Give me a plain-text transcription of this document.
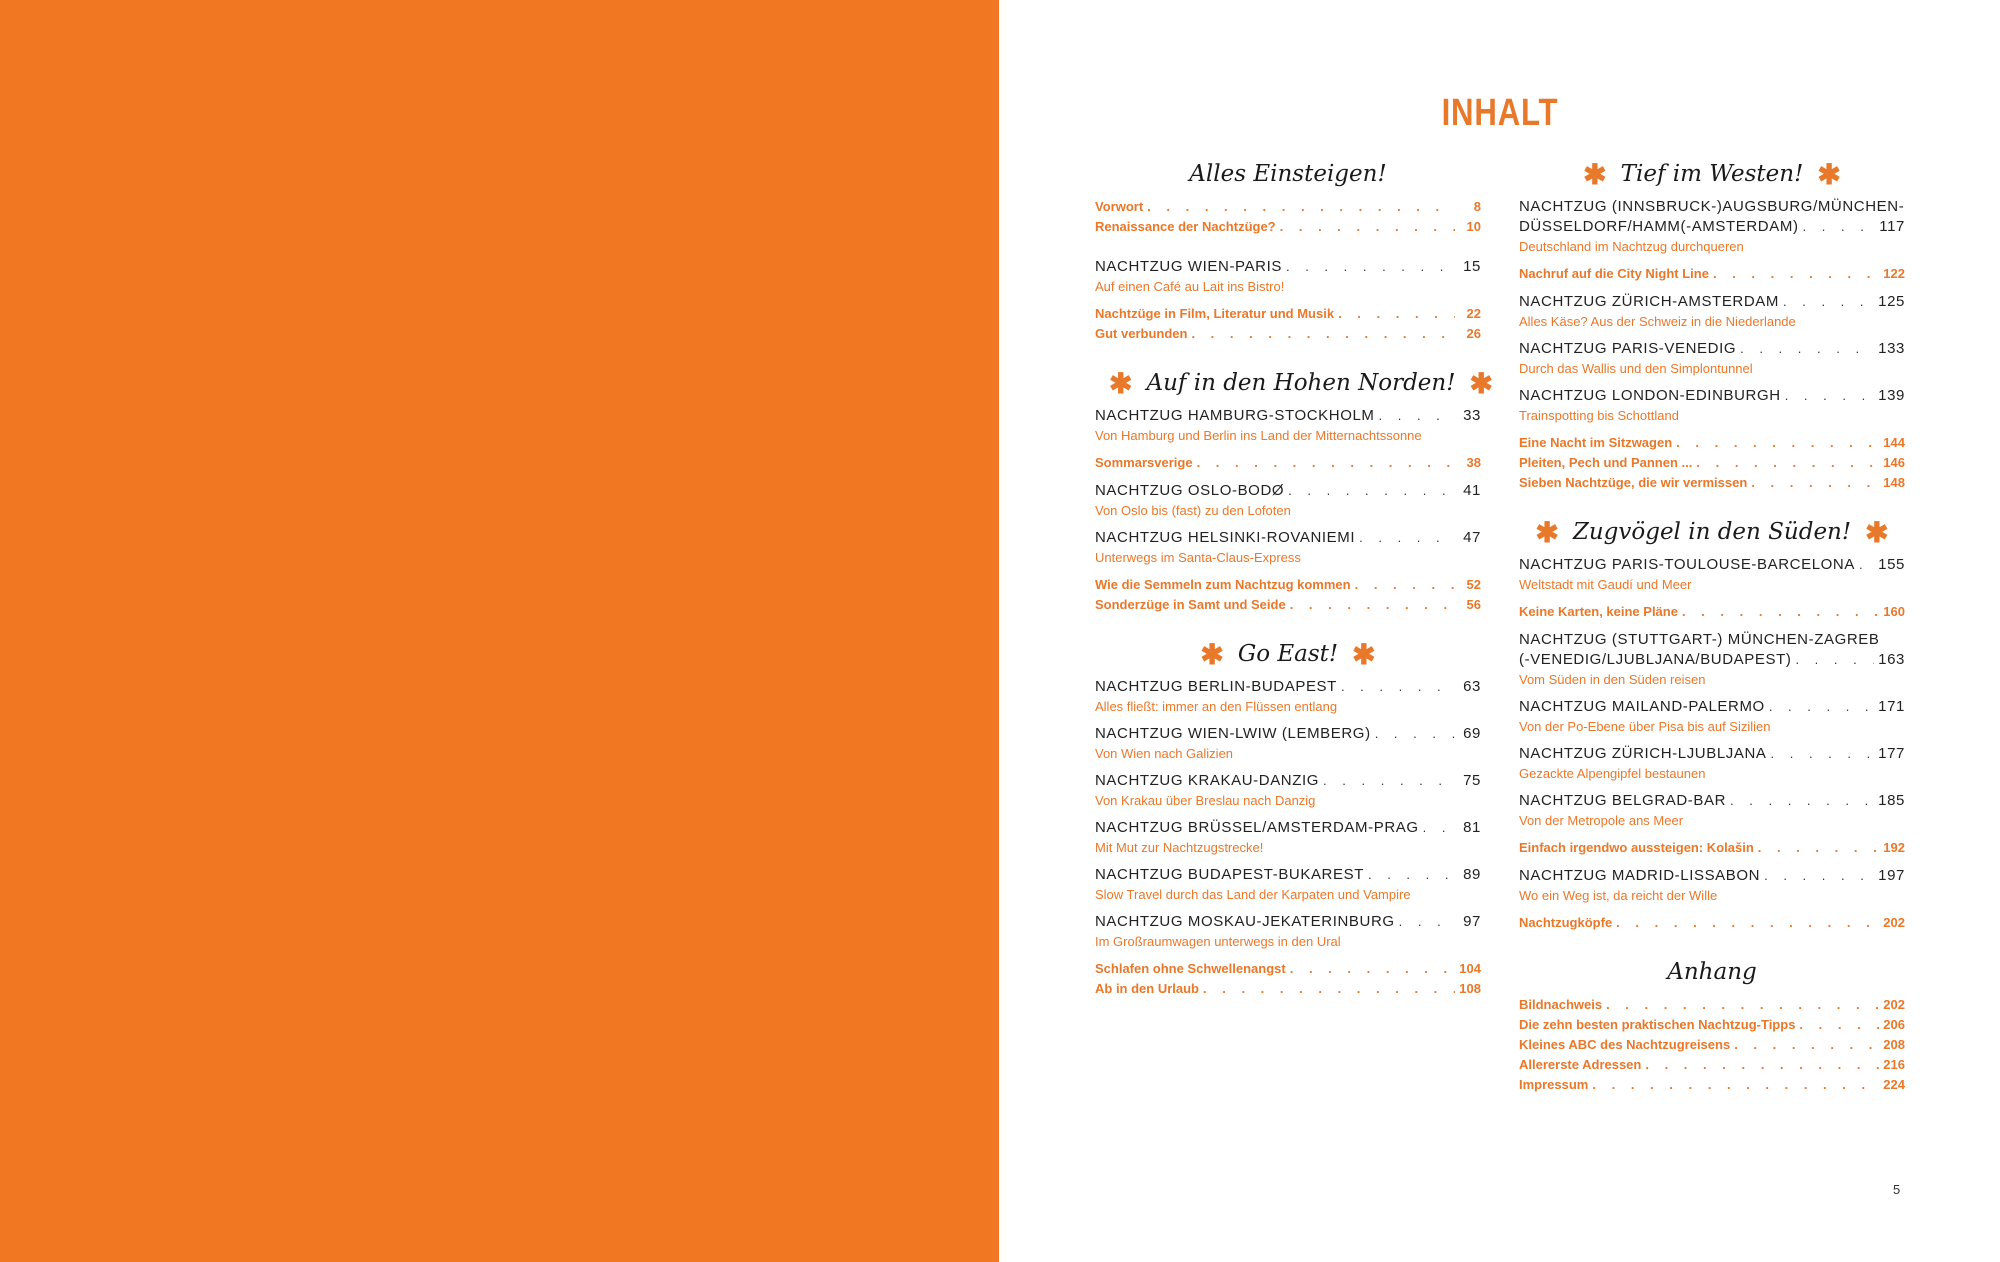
INHALT
Alles Einsteigen!
Vorwort . . .	8
Renaissance der Nachtzüge? . . .	10
NACHTZUG WIEN-PARIS . . .	15
Auf einen Café au Lait ins Bistro!
Nachtzüge in Film, Literatur und Musik . . .	22
Gut verbunden . . .	26
✱ Auf in den Hohen Norden! ✱
NACHTZUG HAMBURG-STOCKHOLM . . .	33
Von Hamburg und Berlin ins Land der Mitternachtssonne
Sommarsverige . . .	38
NACHTZUG OSLO-BODØ . . .	41
Von Oslo bis (fast) zu den Lofoten
NACHTZUG HELSINKI-ROVANIEMI . . .	47
Unterwegs im Santa-Claus-Express
Wie die Semmeln zum Nachtzug kommen . . .	52
Sonderzüge in Samt und Seide . . .	56
✱ Go East! ✱
NACHTZUG BERLIN-BUDAPEST . . .	63
Alles fließt: immer an den Flüssen entlang
NACHTZUG WIEN-LWIW (LEMBERG) . . .	69
Von Wien nach Galizien
NACHTZUG KRAKAU-DANZIG . . .	75
Von Krakau über Breslau nach Danzig
NACHTZUG BRÜSSEL/AMSTERDAM-PRAG . . .	81
Mit Mut zur Nachtzugstrecke!
NACHTZUG BUDAPEST-BUKAREST . . .	89
Slow Travel durch das Land der Karpaten und Vampire
NACHTZUG MOSKAU-JEKATERINBURG . . .	97
Im Großraumwagen unterwegs in den Ural
Schlafen ohne Schwellenangst . . .	104
Ab in den Urlaub . . .	108
✱ Tief im Westen! ✱
NACHTZUG (INNSBRUCK-)AUGSBURG/MÜNCHEN-
DÜSSELDORF/HAMM(-AMSTERDAM) . . .	117
Deutschland im Nachtzug durchqueren
Nachruf auf die City Night Line . . .	122
NACHTZUG ZÜRICH-AMSTERDAM . . .	125
Alles Käse? Aus der Schweiz in die Niederlande
NACHTZUG PARIS-VENEDIG . . .	133
Durch das Wallis und den Simplontunnel
NACHTZUG LONDON-EDINBURGH . . .	139
Trainspotting bis Schottland
Eine Nacht im Sitzwagen . . .	144
Pleiten, Pech und Pannen ... . . .	146
Sieben Nachtzüge, die wir vermissen . . .	148
✱ Zugvögel in den Süden! ✱
NACHTZUG PARIS-TOULOUSE-BARCELONA . . . 155
Weltstadt mit Gaudí und Meer
Keine Karten, keine Pläne . . .	160
NACHTZUG (STUTTGART-) MÜNCHEN-ZAGREB
(-VENEDIG/LJUBLJANA/BUDAPEST) . . .	163
Vom Süden in den Süden reisen
NACHTZUG MAILAND-PALERMO . . .	171
Von der Po-Ebene über Pisa bis auf Sizilien
NACHTZUG ZÜRICH-LJUBLJANA . . .	177
Gezackte Alpengipfel bestaunen
NACHTZUG BELGRAD-BAR . . .	185
Von der Metropole ans Meer
Einfach irgendwo aussteigen: Kolašin . . .	192
NACHTZUG MADRID-LISSABON . . .	197
Wo ein Weg ist, da reicht der Wille
Nachtzugköpfe . . .	202
Anhang
Bildnachweis . . .	202
Die zehn besten praktischen Nachtzug-Tipps . . .	206
Kleines ABC des Nachtzugreisens . . .	208
Allererste Adressen . . .	216
Impressum . . .	224
5
